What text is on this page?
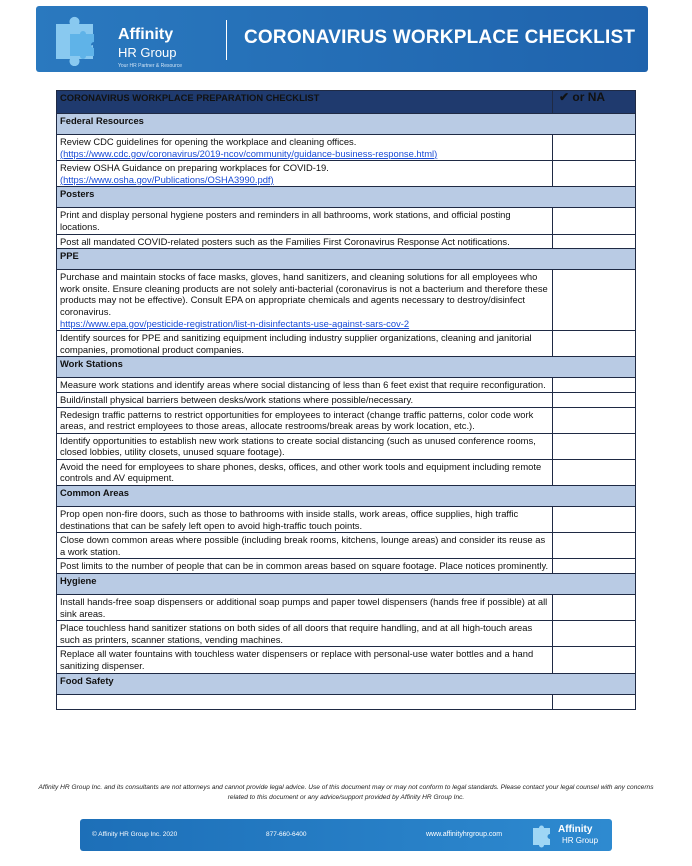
Affinity
HR Group
Your HR Partner & Resource
CORONAVIRUS WORKPLACE CHECKLIST
CORONAVIRUS WORKPLACE PREPARATION CHECKLIST	✔ or NA
Federal Resources	
Review CDC guidelines for opening the workplace and cleaning offices.
(https://www.cdc.gov/coronavirus/2019-ncov/community/guidance-business-response.html)	
Review OSHA Guidance on preparing workplaces for COVID-19.
(https://www.osha.gov/Publications/OSHA3990.pdf)	
Posters	
Print and display personal hygiene posters and reminders in all bathrooms, work stations, and official posting locations.	
Post all mandated COVID-related posters such as the Families First Coronavirus Response Act notifications.	
PPE	
Purchase and maintain stocks of face masks, gloves, hand sanitizers, and cleaning solutions for all employees who work onsite. Ensure cleaning products are not solely anti-bacterial (coronavirus is not a bacterium and therefore these products may not be effective). Consult EPA on appropriate chemicals and agents necessary to destroy/disinfect coronavirus.
https://www.epa.gov/pesticide-registration/list-n-disinfectants-use-against-sars-cov-2	
Identify sources for PPE and sanitizing equipment including industry supplier organizations, cleaning and janitorial companies, promotional product companies.	
Work Stations	
Measure work stations and identify areas where social distancing of less than 6 feet exist that require reconfiguration.	
Build/install physical barriers between desks/work stations where possible/necessary.	
Redesign traffic patterns to restrict opportunities for employees to interact (change traffic patterns, color code work areas, and restrict employees to those areas, allocate restrooms/break areas by work location, etc.).	
Identify opportunities to establish new work stations to create social distancing (such as unused conference rooms, closed lobbies, utility closets, unused square footage).	
Avoid the need for employees to share phones, desks, offices, and other work tools and equipment including remote controls and AV equipment.	
Common Areas	
Prop open non-fire doors, such as those to bathrooms with inside stalls, work areas, office supplies, high traffic destinations that can be safely left open to avoid high-traffic touch points.	
Close down common areas where possible (including break rooms, kitchens, lounge areas) and consider its reuse as a work station.	
Post limits to the number of people that can be in common areas based on square footage. Place notices prominently.	
Hygiene	
Install hands-free soap dispensers or additional soap pumps and paper towel dispensers (hands free if possible) at all sink areas.	
Place touchless hand sanitizer stations on both sides of all doors that require handling, and at all high-touch areas such as printers, scanner stations, vending machines.	
Replace all water fountains with touchless water dispensers or replace with personal-use water bottles and a hand sanitizing dispenser.	
Food Safety	

Affinity HR Group Inc. and its consultants are not attorneys and cannot provide legal advice. Use of this document may or may not conform to legal standards. Please contact your legal counsel with any concerns related to this document or any advice/support provided by Affinity HR Group Inc.
© Affinity HR Group Inc. 2020	877-660-6400	www.affinityhrgroup.com	Affinity
HR Group
